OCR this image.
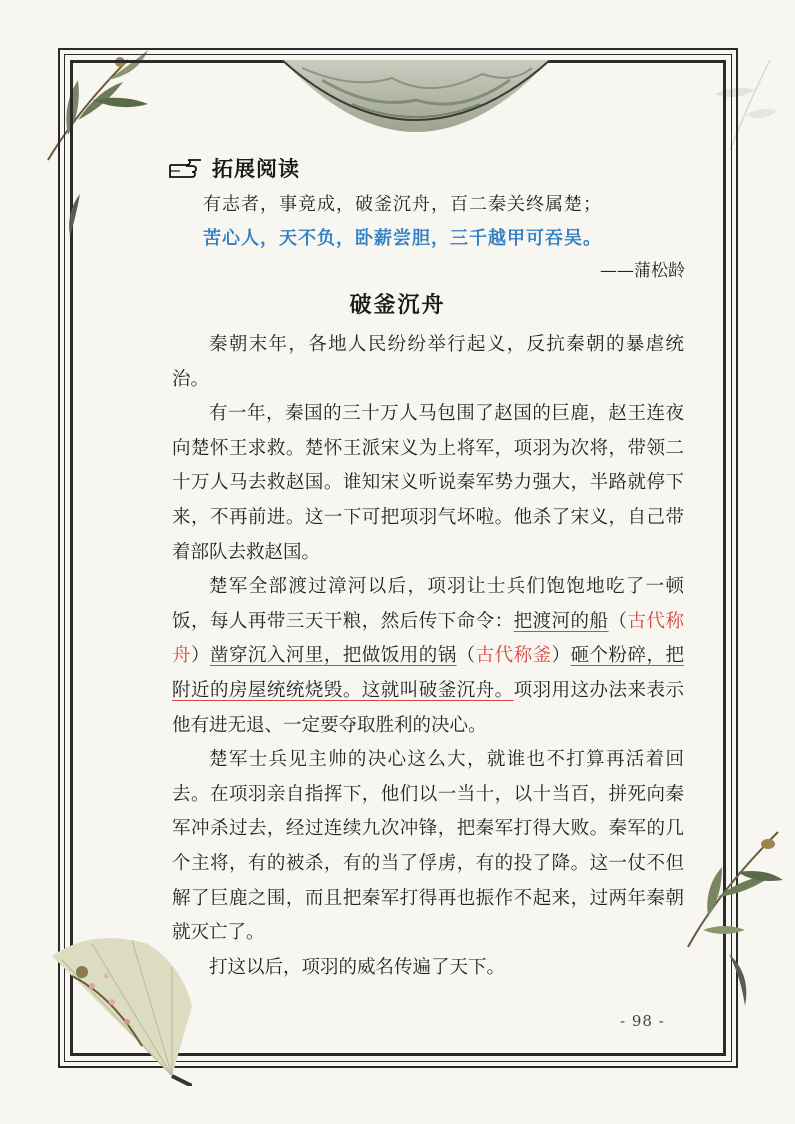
拓展阅读
有志者，事竟成，破釜沉舟，百二秦关终属楚；
苦心人，天不负，卧薪尝胆，三千越甲可吞吴。
——蒲松龄
破釜沉舟

秦朝末年，各地人民纷纷举行起义，反抗秦朝的暴虐统治。

有一年，秦国的三十万人马包围了赵国的巨鹿，赵王连夜向楚怀王求救。楚怀王派宋义为上将军，项羽为次将，带领二十万人马去救赵国。谁知宋义听说秦军势力强大，半路就停下来，不再前进。这一下可把项羽气坏啦。他杀了宋义，自己带着部队去救赵国。

楚军全部渡过漳河以后，项羽让士兵们饱饱地吃了一顿饭，每人再带三天干粮，然后传下命令：把渡河的船（古代称舟）凿穿沉入河里，把做饭用的锅（古代称釜）砸个粉碎，把附近的房屋统统烧毁。这就叫破釜沉舟。项羽用这办法来表示他有进无退、一定要夺取胜利的决心。

楚军士兵见主帅的决心这么大，就谁也不打算再活着回去。在项羽亲自指挥下，他们以一当十，以十当百，拼死向秦军冲杀过去，经过连续九次冲锋，把秦军打得大败。秦军的几个主将，有的被杀，有的当了俘虏，有的投了降。这一仗不但解了巨鹿之围，而且把秦军打得再也振作不起来，过两年秦朝就灭亡了。

打这以后，项羽的威名传遍了天下。

- 98 -
